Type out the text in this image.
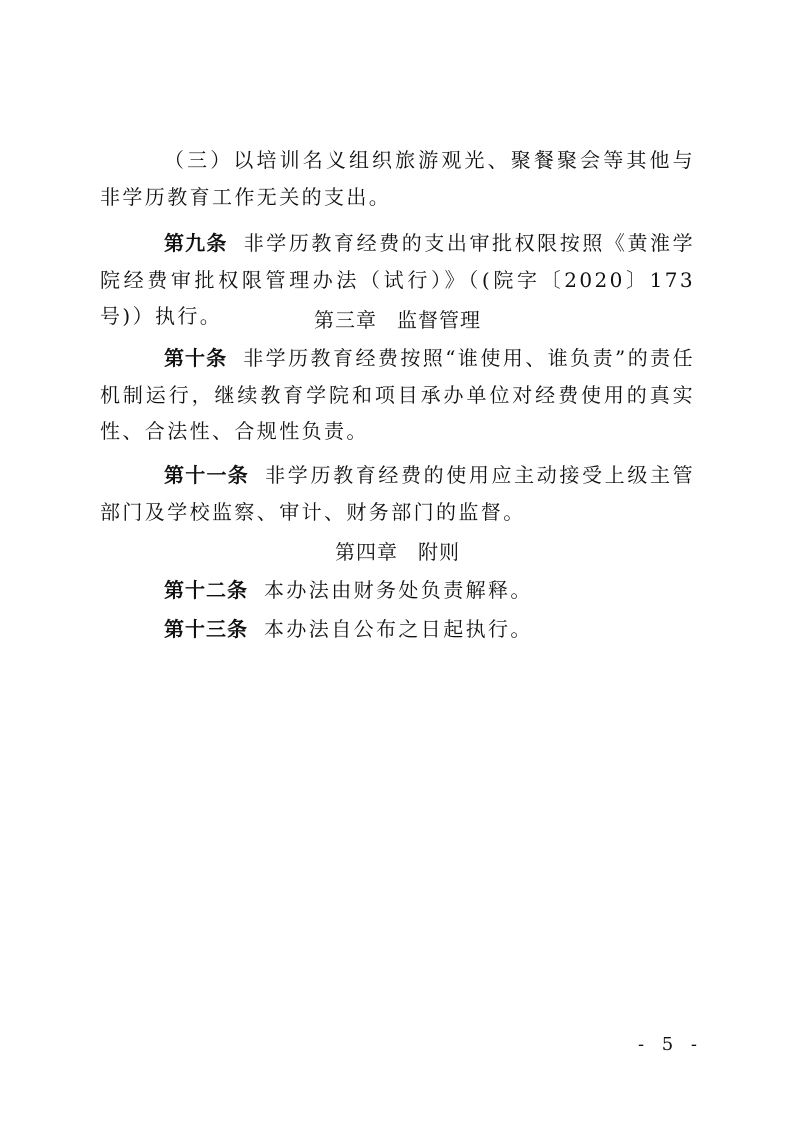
（三）以培训名义组织旅游观光、聚餐聚会等其他与非学历教育工作无关的支出。

第九条 非学历教育经费的支出审批权限按照《黄淮学院经费审批权限管理办法（试行）》（(院字〔2020〕173号)）执行。	第三章 监督管理

第十条 非学历教育经费按照“谁使用、谁负责”的责任机制运行，继续教育学院和项目承办单位对经费使用的真实性、合法性、合规性负责。

第十一条 非学历教育经费的使用应主动接受上级主管部门及学校监察、审计、财务部门的监督。

第四章 附则

第十二条 本办法由财务处负责解释。

第十三条 本办法自公布之日起执行。

- 5 -
